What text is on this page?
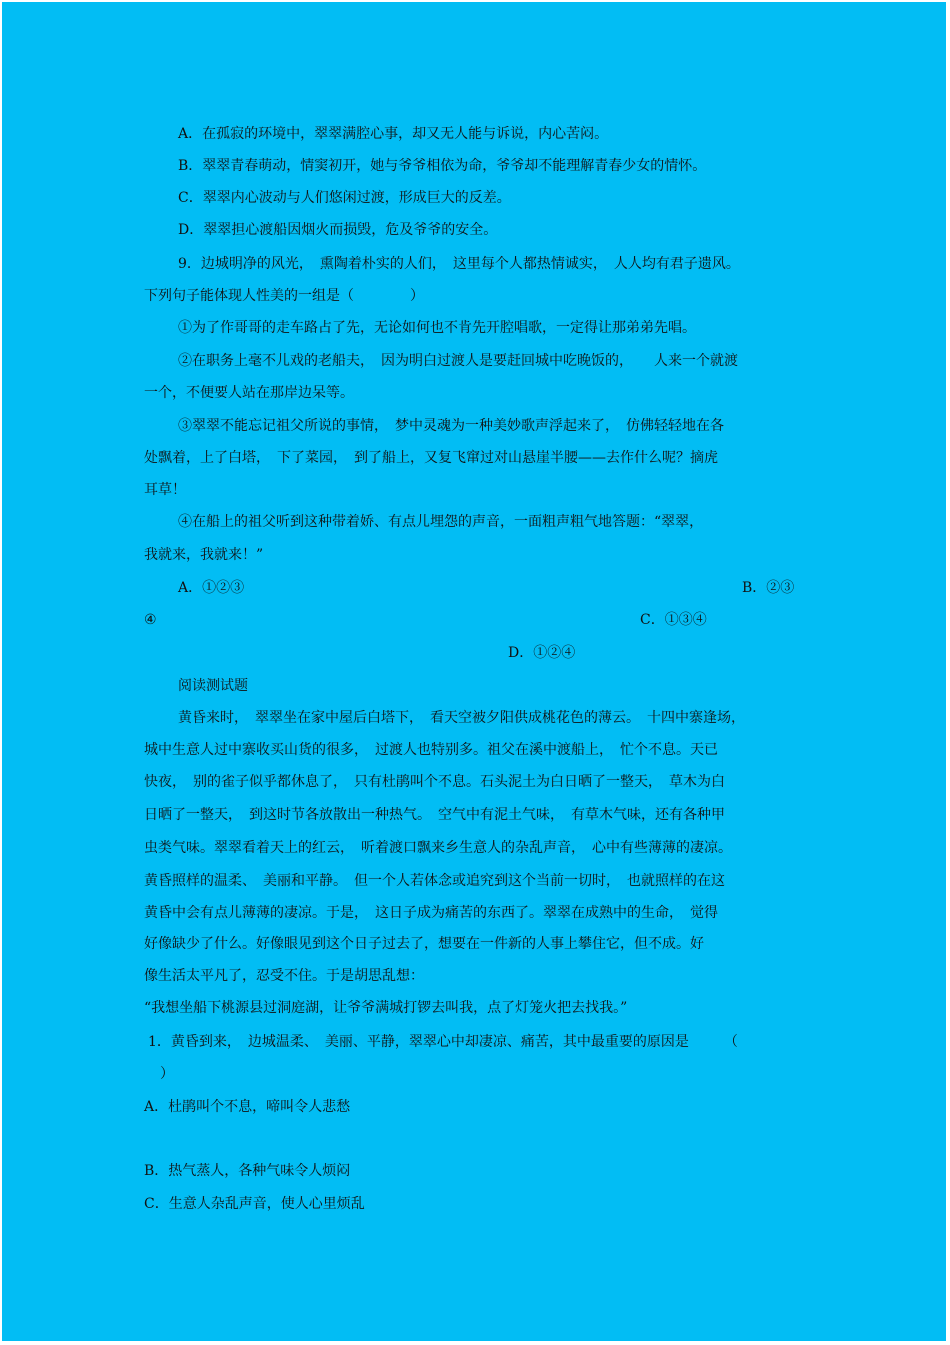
A．在孤寂的环境中，翠翠满腔心事，却又无人能与诉说，内心苦闷。
B．翠翠青春萌动，情窦初开，她与爷爷相依为命，爷爷却不能理解青春少女的情怀。
C．翠翠内心波动与人们悠闲过渡，形成巨大的反差。
D．翠翠担心渡船因烟火而损毁，危及爷爷的安全。
9．边城明净的风光，　熏陶着朴实的人们，　这里每个人都热情诚实，　人人均有君子遗风。
下列句子能体现人性美的一组是（　　　　）
①为了作哥哥的走车路占了先，无论如何也不肯先开腔唱歌，一定得让那弟弟先唱。
②在职务上毫不儿戏的老船夫，　因为明白过渡人是要赶回城中吃晚饭的，　　人来一个就渡
一个，不便要人站在那岸边呆等。
③翠翠不能忘记祖父所说的事情，　梦中灵魂为一种美妙歌声浮起来了，　仿佛轻轻地在各
处飘着，上了白塔，　下了菜园，　到了船上，又复飞窜过对山悬崖半腰——去作什么呢？摘虎
耳草！
④在船上的祖父听到这种带着娇、有点儿埋怨的声音，一面粗声粗气地答题：“翠翠，
我就来，我就来！”
A．①②③	B．②③
④	C．①③④
D．①②④
阅读测试题
黄昏来时，　翠翠坐在家中屋后白塔下，　看天空被夕阳供成桃花色的薄云。　十四中寨逢场，
城中生意人过中寨收买山货的很多，　过渡人也特别多。祖父在溪中渡船上，　忙个不息。天已
快夜，　别的雀子似乎都休息了，　只有杜鹃叫个不息。石头泥土为白日晒了一整天，　草木为白
日晒了一整天，　到这时节各放散出一种热气。　空气中有泥土气味，　有草木气味，还有各种甲
虫类气味。翠翠看着天上的红云，　听着渡口飘来乡生意人的杂乱声音，　心中有些薄薄的凄凉。
黄昏照样的温柔、　美丽和平静。　但一个人若体念或追究到这个当前一切时，　也就照样的在这
黄昏中会有点儿薄薄的凄凉。于是，　这日子成为痛苦的东西了。翠翠在成熟中的生命，　觉得
好像缺少了什么。好像眼见到这个日子过去了，想要在一件新的人事上攀住它，但不成。好
像生活太平凡了，忍受不住。于是胡思乱想：
“我想坐船下桃源县过洞庭湖，让爷爷满城打锣去叫我，点了灯笼火把去找我。”
1．黄昏到来，　边城温柔、　美丽、平静，翠翠心中却凄凉、痛苦，其中最重要的原因是　　　（
）
A．杜鹃叫个不息，啼叫令人悲愁
B．热气蒸人，各种气味令人烦闷
C．生意人杂乱声音，使人心里烦乱
